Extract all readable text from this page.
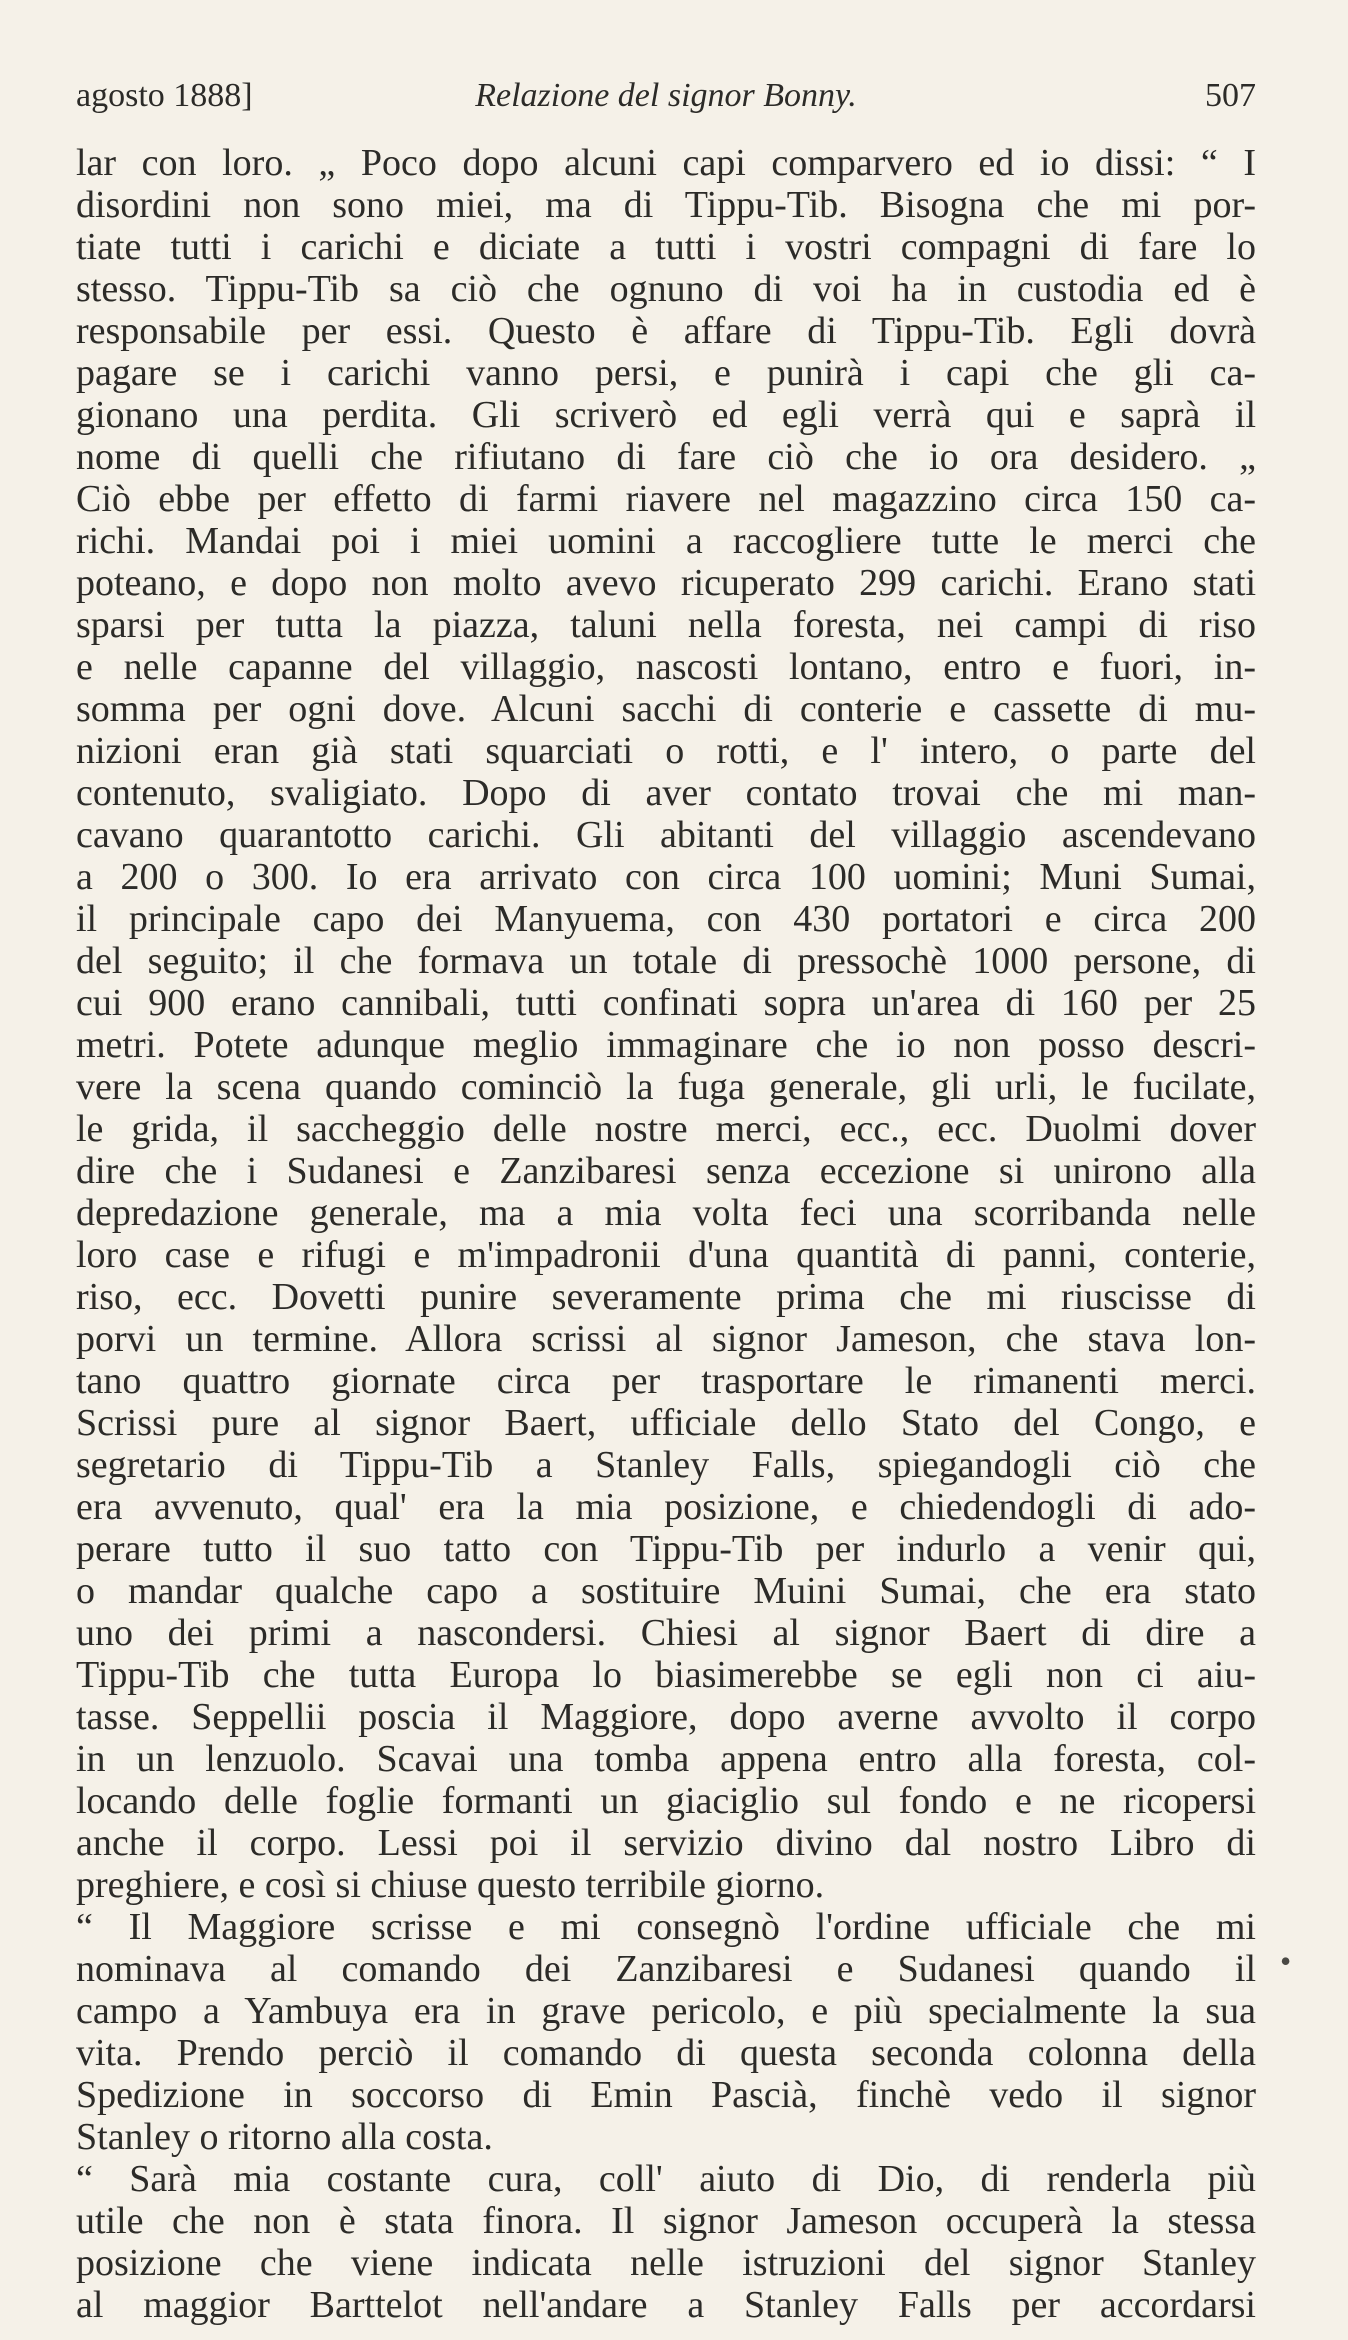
agosto 1888]	Relazione del signor Bonny.	507
lar con loro. „ Poco dopo alcuni capi comparvero ed io dissi: “ I
disordini non sono miei, ma di Tippu-Tib. Bisogna che mi por-
tiate tutti i carichi e diciate a tutti i vostri compagni di fare lo
stesso. Tippu-Tib sa ciò che ognuno di voi ha in custodia ed è
responsabile per essi. Questo è affare di Tippu-Tib. Egli dovrà
pagare se i carichi vanno persi, e punirà i capi che gli ca-
gionano una perdita. Gli scriverò ed egli verrà qui e saprà il
nome di quelli che rifiutano di fare ciò che io ora desidero. „
Ciò ebbe per effetto di farmi riavere nel magazzino circa 150 ca-
richi. Mandai poi i miei uomini a raccogliere tutte le merci che
poteano, e dopo non molto avevo ricuperato 299 carichi. Erano stati
sparsi per tutta la piazza, taluni nella foresta, nei campi di riso
e nelle capanne del villaggio, nascosti lontano, entro e fuori, in-
somma per ogni dove. Alcuni sacchi di conterie e cassette di mu-
nizioni eran già stati squarciati o rotti, e l' intero, o parte del
contenuto, svaligiato. Dopo di aver contato trovai che mi man-
cavano quarantotto carichi. Gli abitanti del villaggio ascendevano
a 200 o 300. Io era arrivato con circa 100 uomini; Muni Sumai,
il principale capo dei Manyuema, con 430 portatori e circa 200
del seguito; il che formava un totale di pressochè 1000 persone, di
cui 900 erano cannibali, tutti confinati sopra un'area di 160 per 25
metri. Potete adunque meglio immaginare che io non posso descri-
vere la scena quando cominciò la fuga generale, gli urli, le fucilate,
le grida, il saccheggio delle nostre merci, ecc., ecc. Duolmi dover
dire che i Sudanesi e Zanzibaresi senza eccezione si unirono alla
depredazione generale, ma a mia volta feci una scorribanda nelle
loro case e rifugi e m'impadronii d'una quantità di panni, conterie,
riso, ecc. Dovetti punire severamente prima che mi riuscisse di
porvi un termine. Allora scrissi al signor Jameson, che stava lon-
tano quattro giornate circa per trasportare le rimanenti merci.
Scrissi pure al signor Baert, ufficiale dello Stato del Congo, e
segretario di Tippu-Tib a Stanley Falls, spiegandogli ciò che
era avvenuto, qual' era la mia posizione, e chiedendogli di ado-
perare tutto il suo tatto con Tippu-Tib per indurlo a venir qui,
o mandar qualche capo a sostituire Muini Sumai, che era stato
uno dei primi a nascondersi. Chiesi al signor Baert di dire a
Tippu-Tib che tutta Europa lo biasimerebbe se egli non ci aiu-
tasse. Seppellii poscia il Maggiore, dopo averne avvolto il corpo
in un lenzuolo. Scavai una tomba appena entro alla foresta, col-
locando delle foglie formanti un giaciglio sul fondo e ne ricopersi
anche il corpo. Lessi poi il servizio divino dal nostro Libro di
preghiere, e così si chiuse questo terribile giorno.
“ Il Maggiore scrisse e mi consegnò l'ordine ufficiale che mi
nominava al comando dei Zanzibaresi e Sudanesi quando il
campo a Yambuya era in grave pericolo, e più specialmente la sua
vita. Prendo perciò il comando di questa seconda colonna della
Spedizione in soccorso di Emin Pascià, finchè vedo il signor
Stanley o ritorno alla costa.
“ Sarà mia costante cura, coll' aiuto di Dio, di renderla più
utile che non è stata finora. Il signor Jameson occuperà la stessa
posizione che viene indicata nelle istruzioni del signor Stanley
al maggior Barttelot nell'andare a Stanley Falls per accordarsi
•
